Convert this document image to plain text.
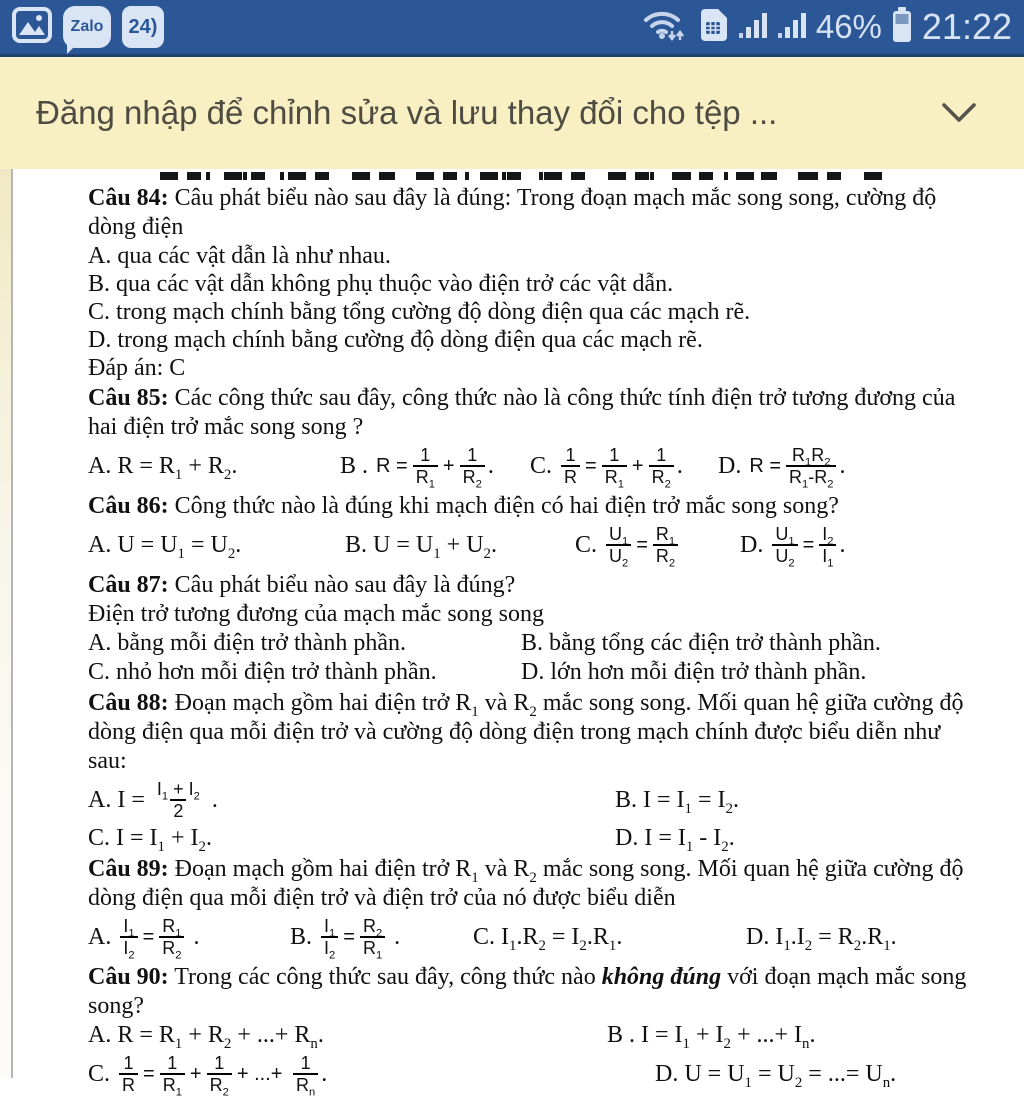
Zalo 24 )	46% 21:22
Đăng nhập để chỉnh sửa và lưu thay đổi cho tệp ...

Câu 84: Câu phát biểu nào sau đây là đúng: Trong đoạn mạch mắc song song, cường độ dòng điện

A. qua các vật dẫn là như nhau.

B. qua các vật dẫn không phụ thuộc vào điện trở các vật dẫn.

C. trong mạch chính bằng tổng cường độ dòng điện qua các mạch rẽ.

D. trong mạch chính bằng cường độ dòng điện qua các mạch rẽ.

Đáp án: C

Câu 85: Các công thức sau đây, công thức nào là công thức tính điện trở tương đương của hai điện trở mắc song song ?

A. $R = R_1 + R_2$.	B . $R = \frac{1}{R_1} + \frac{1}{R_2}$ . C. $\frac{1}{R} = \frac{1}{R_1} + \frac{1}{R_2}$ . D. $R = \frac{R_1R_2}{R_1-R_2}$ .

Câu 86: Công thức nào là đúng khi mạch điện có hai điện trở mắc song song?

A. $U = U_1 = U_2$.	B. $U = U_1 + U_2$.	C. $\frac{U_1}{U_2} = \frac{R_1}{R_2}$	D. $\frac{U_1}{U_2} = \frac{I_2}{I_1}$ .

Câu 87: Câu phát biểu nào sau đây là đúng?

Điện trở tương đương của mạch mắc song song

A. bằng mỗi điện trở thành phần.	B. bằng tổng các điện trở thành phần.
C. nhỏ hơn mỗi điện trở thành phần.	D. lớn hơn mỗi điện trở thành phần.

Câu 88: Đoạn mạch gồm hai điện trở $R_1$ và $R_2$ mắc song song. Mối quan hệ giữa cường độ dòng điện qua mỗi điện trở và cường độ dòng điện trong mạch chính được biểu diễn như sau:

A. $I = \frac{I_1 + I_2}{2}$ .	B. $I = I_1 = I_2$.
C. $I = I_1 + I_2$.	D. $I = I_1 - I_2$.

Câu 89: Đoạn mạch gồm hai điện trở $R_1$ và $R_2$ mắc song song. Mối quan hệ giữa cường độ dòng điện qua mỗi điện trở và điện trở của nó được biểu diễn

A. $\frac{I_1}{I_2} = \frac{R_1}{R_2}$ .	B. $\frac{I_1}{I_2} = \frac{R_2}{R_1}$ .	C. $I_1.R_2 = I_2.R_1$.	D. $I_1.I_2 = R_2.R_1$.

Câu 90: Trong các công thức sau đây, công thức nào không đúng với đoạn mạch mắc song song?

A. $R = R_1 + R_2$ + ...+ $R_n$.	B . $I = I_1 + I_2$ + ...+ $I_n$.
C. $\frac{1}{R} = \frac{1}{R_1} + \frac{1}{R_2}$ + ...+ $\frac{1}{R_n}$ .	D. $U = U_1 = U_2$ = ...= $U_n$.
